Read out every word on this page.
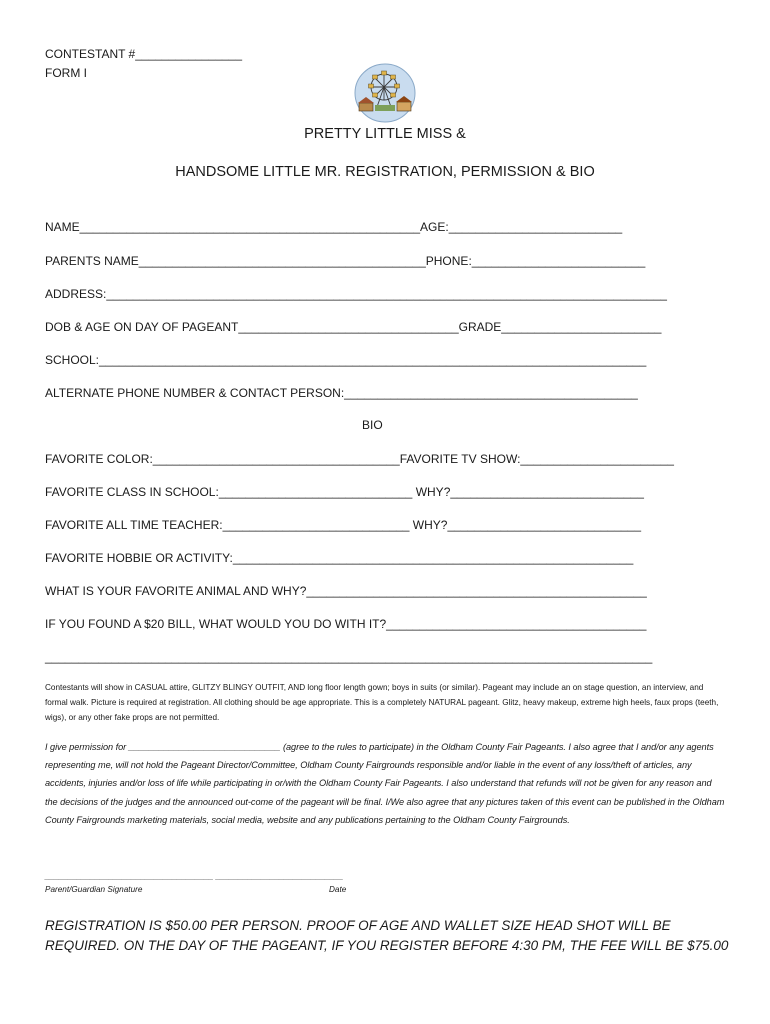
CONTESTANT #________________
FORM I
PRETTY LITTLE MISS &
HANDSOME LITTLE MR. REGISTRATION, PERMISSION & BIO
NAME___________________________________________________AGE:__________________________
PARENTS NAME___________________________________________PHONE:__________________________
ADDRESS:____________________________________________________________________________________
DOB & AGE ON DAY OF PAGEANT_________________________________GRADE________________________
SCHOOL:__________________________________________________________________________________
ALTERNATE PHONE NUMBER & CONTACT PERSON:____________________________________________
BIO
FAVORITE COLOR:_____________________________________FAVORITE TV SHOW:_______________________
FAVORITE CLASS IN SCHOOL:_____________________________ WHY?_____________________________
FAVORITE ALL TIME TEACHER:____________________________ WHY?_____________________________
FAVORITE HOBBIE OR ACTIVITY:____________________________________________________________
WHAT IS YOUR FAVORITE ANIMAL AND WHY?___________________________________________________
IF YOU FOUND A $20 BILL, WHAT WOULD YOU DO WITH IT?_______________________________________
___________________________________________________________________________________________
Contestants will show in CASUAL attire, GLITZY BLINGY OUTFIT, AND long floor length gown; boys in suits (or similar). Pageant may include an on stage question, an interview, and formal walk. Picture is required at registration. All clothing should be age appropriate. This is a completely NATURAL pageant. Glitz, heavy makeup, extreme high heels, faux props (teeth, wigs), or any other fake props are not permitted.
I give permission for ______________________________ (agree to the rules to participate) in the Oldham County Fair Pageants. I also agree that I and/or any agents representing me, will not hold the Pageant Director/Committee, Oldham County Fairgrounds responsible and/or liable in the event of any loss/theft of articles, any accidents, injuries and/or loss of life while participating in or/with the Oldham County Fair Pageants. I also understand that refunds will not be given for any reason and the decisions of the judges and the announced out-come of the pageant will be final. I/We also agree that any pictures taken of this event can be published in the Oldham County Fairgrounds marketing materials, social media, website and any publications pertaining to the Oldham County Fairgrounds.
_____________________________________ ____________________________
Parent/Guardian Signature	Date
REGISTRATION IS $50.00 PER PERSON. PROOF OF AGE AND WALLET SIZE HEAD SHOT WILL BE REQUIRED. ON THE DAY OF THE PAGEANT, IF YOU REGISTER BEFORE 4:30 PM, THE FEE WILL BE $75.00
